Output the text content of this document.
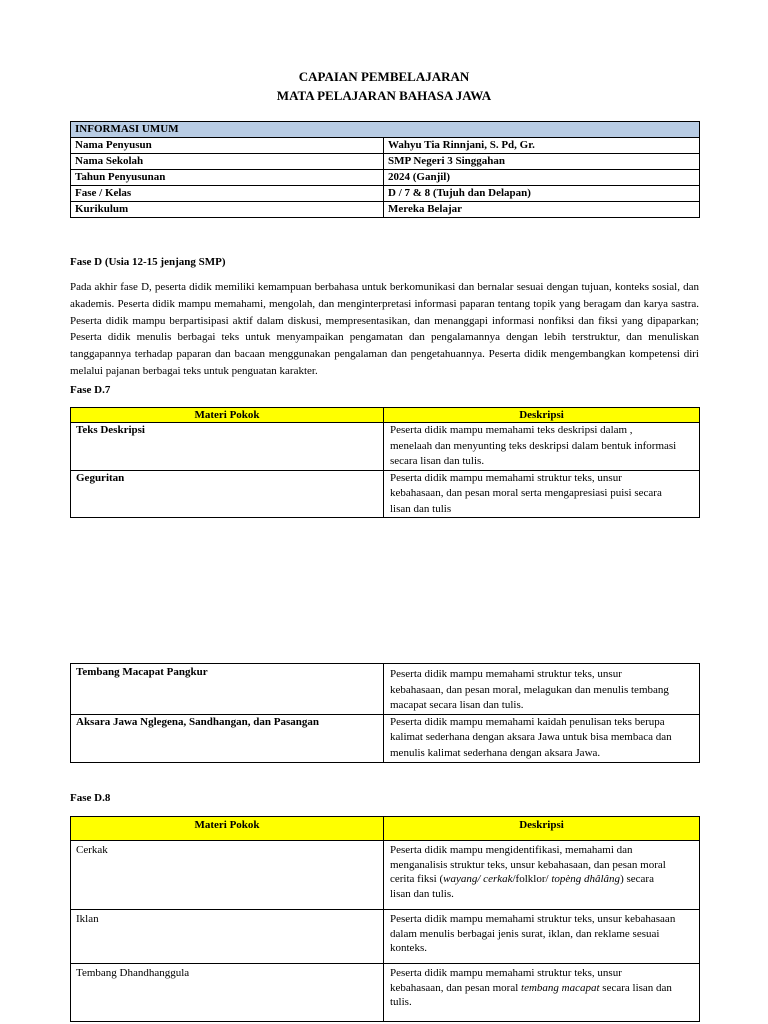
CAPAIAN PEMBELAJARAN
MATA PELAJARAN BAHASA JAWA
INFORMASI UMUM	
Nama Penyusun	Wahyu Tia Rinnjani, S. Pd, Gr.
Nama Sekolah	SMP Negeri 3 Singgahan
Tahun Penyusunan	2024 (Ganjil)
Fase / Kelas	D / 7 & 8 (Tujuh dan Delapan)
Kurikulum	Mereka Belajar
Fase D (Usia 12-15 jenjang SMP)

Pada akhir fase D, peserta didik memiliki kemampuan berbahasa untuk berkomunikasi dan bernalar sesuai dengan tujuan, konteks sosial, dan akademis. Peserta didik mampu memahami, mengolah, dan menginterpretasi informasi paparan tentang topik yang beragam dan karya sastra. Peserta didik mampu berpartisipasi aktif dalam diskusi, mempresentasikan, dan menanggapi informasi nonfiksi dan fiksi yang dipaparkan; Peserta didik menulis berbagai teks untuk menyampaikan pengamatan dan pengalamannya dengan lebih terstruktur, dan menuliskan tanggapannya terhadap paparan dan bacaan menggunakan pengalaman dan pengetahuannya. Peserta didik mengembangkan kompetensi diri melalui pajanan berbagai teks untuk penguatan karakter.

Fase D.7
Materi Pokok	Deskripsi
Teks Deskripsi	Peserta didik mampu memahami teks deskripsi dalam ,
menelaah dan menyunting teks deskripsi dalam bentuk informasi
secara lisan dan tulis.

Geguritan	Peserta didik mampu memahami struktur teks, unsur
kebahasaan, dan pesan moral serta mengapresiasi puisi secara
lisan dan tulis
Tembang Macapat Pangkur	Peserta didik mampu memahami struktur teks, unsur
kebahasaan, dan pesan moral, melagukan dan menulis tembang
macapat secara lisan dan tulis.

Aksara Jawa Nglegena, Sandhangan, dan Pasangan	Peserta didik mampu memahami kaidah penulisan teks berupa
kalimat sederhana dengan aksara Jawa untuk bisa membaca dan
menulis kalimat sederhana dengan aksara Jawa.
Fase D.8
Materi Pokok	Deskripsi
Cerkak	Peserta didik mampu mengidentifikasi, memahami dan
menganalisis struktur teks, unsur kebahasaan, dan pesan moral
cerita fiksi (wayang/ cerkak/folklor/ topèng dhâlâng) secara
lisan dan tulis.

Iklan	Peserta didik mampu memahami struktur teks, unsur kebahasaan
dalam menulis berbagai jenis surat, iklan, dan reklame sesuai
konteks.

Tembang Dhandhanggula	Peserta didik mampu memahami struktur teks, unsur
kebahasaan, dan pesan moral tembang macapat secara lisan dan
tulis.
